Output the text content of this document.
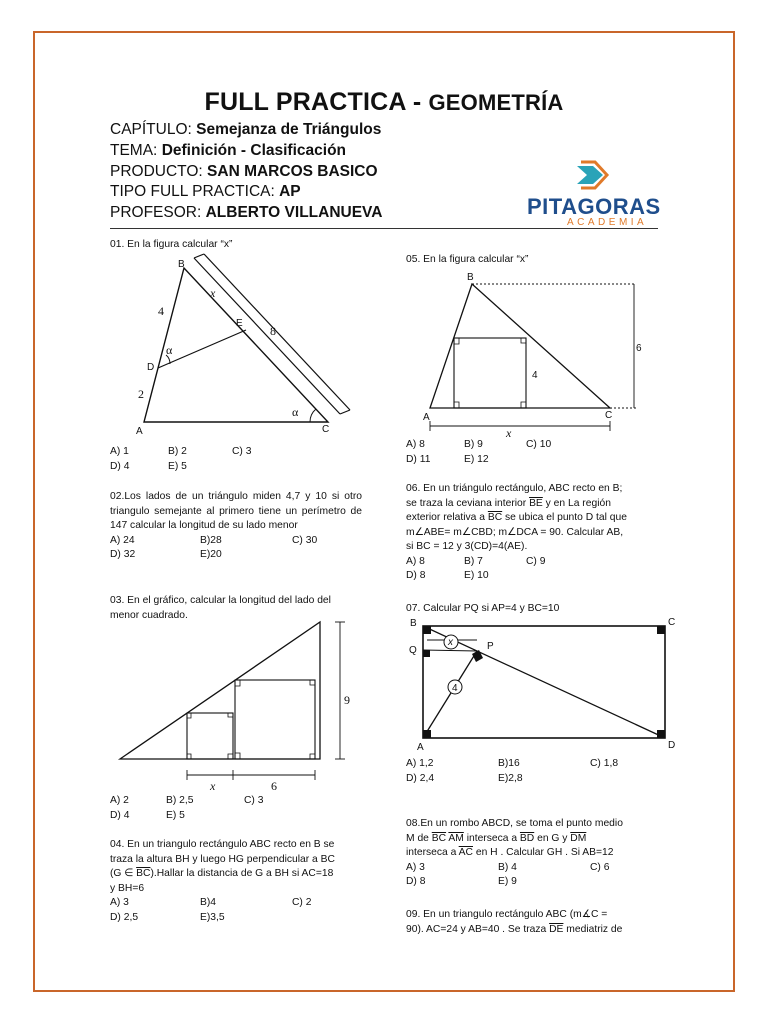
FULL PRACTICA - GEOMETRÍA
CAPÍTULO: Semejanza de Triángulos
TEMA: Definición - Clasificación
PRODUCTO: SAN MARCOS BASICO
TIPO FULL PRACTICA: AP
PROFESOR: ALBERTO VILLANUEVA	PITAGORAS
ACADEMIA
01. En la figura calcular “x”
B
x
4
E
8
D
α
2
α
A	C
A) 1	B) 2	C) 3
D) 4	E) 5
02.Los lados de un triángulo miden 4,7 y 10 si otro triangulo semejante al primero tiene un perímetro de 147 calcular la longitud de su lado menor
A) 24	B)28	C) 30
D) 32	E)20
03. En el gráfico, calcular la longitud del lado del menor cuadrado.
9
x	6
A) 2	B) 2,5	C) 3
D) 4	E) 5
04. En un triangulo rectángulo ABC recto en B se
traza la altura BH y luego HG perpendicular a BC
(G ∈ $\overline{BC}).Hallar$ la distancia de G a BH si AC=18
y BH=6
A) 3	B)4	C) 2
D) 2,5	E)3,5
05. En la figura calcular “x”
B
A	C
4
6
x
A) 8	B) 9	C) 10
D) 11	E) 12
06. En un triángulo rectángulo, ABC recto en B;
se traza la ceviana interior $\overline{BE}$ y en La región
exterior relativa a $\overline{BC}$ se ubica el punto D tal que
m∠ABE= m∠CBD; m∠DCA = 90. Calcular AB,
si BC = 12 y 3(CD)=4(AE).
A) 8	B) 7	C) 9
D) 8	E) 10
07. Calcular PQ si AP=4 y BC=10
B	C
Q	P
x
4
A	D
A) 1,2	B)16	C) 1,8
D) 2,4	E)2,8
08.En un rombo ABCD, se toma el punto medio
M de $\overline{BC}$ $\overline{AM}$ interseca a $\overline{BD}$ en G y $\overline{DM}$
interseca a $\overline{AC}$ en H . Calcular GH . Si AB=12
A) 3	B) 4	C) 6
D) 8	E) 9
09. En un triangulo rectángulo ABC (m∡C =
90). AC=24 y AB=40 . Se traza $\overline{DE}$ mediatriz de
